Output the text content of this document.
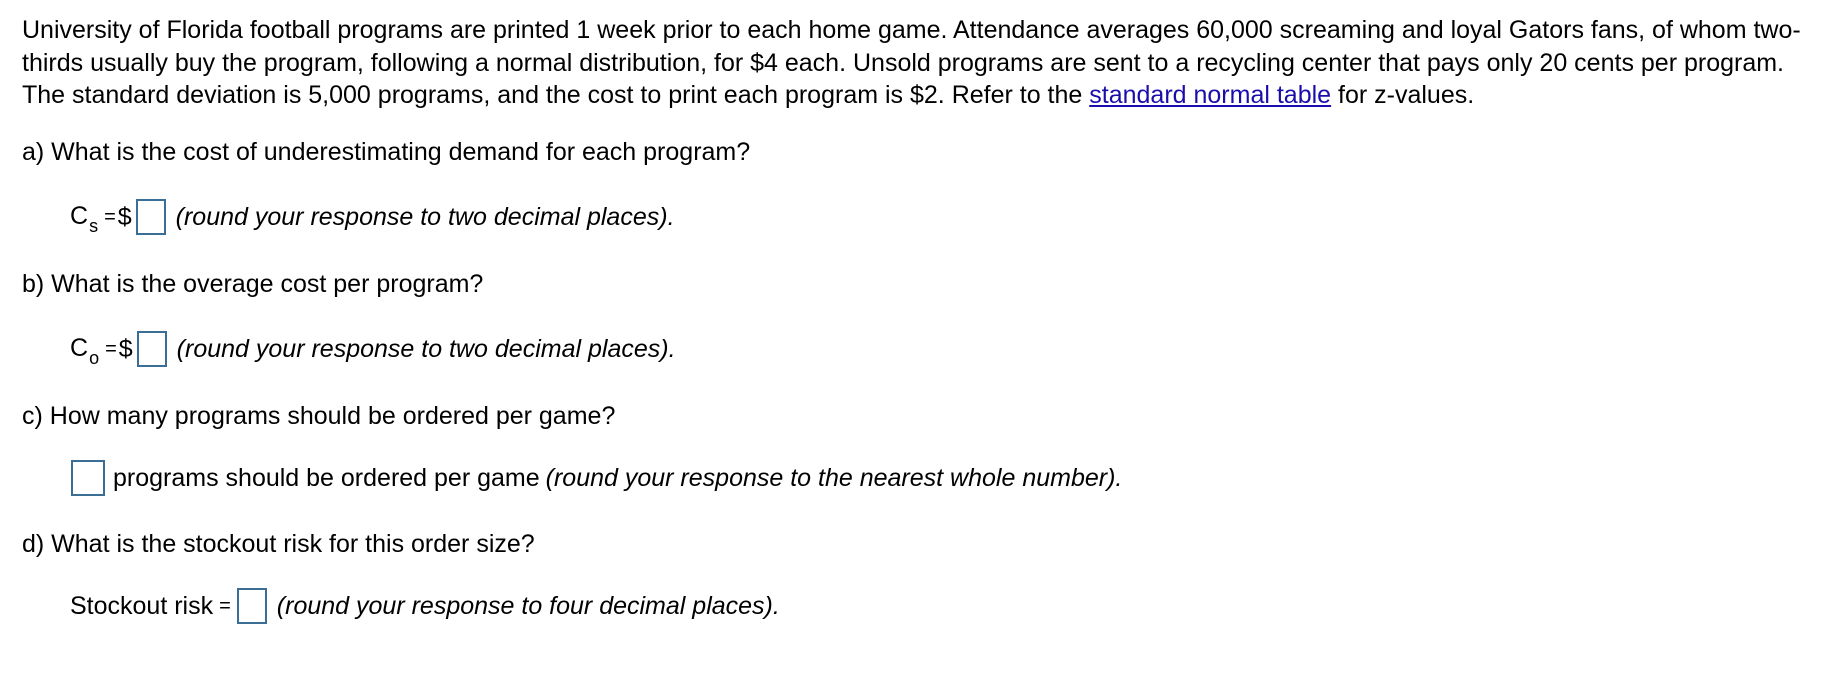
University of Florida football programs are printed 1 week prior to each home game. Attendance averages 60,000 screaming and loyal Gators fans, of whom two-thirds usually buy the program, following a normal distribution, for $4 each. Unsold programs are sent to a recycling center that pays only 20 cents per program. The standard deviation is 5,000 programs, and the cost to print each program is $2. Refer to the standard normal table for z-values.

a) What is the cost of underestimating demand for each program?

C s = $ (round your response to two decimal places).

b) What is the overage cost per program?

C o = $ (round your response to two decimal places).

c) How many programs should be ordered per game?

programs should be ordered per game (round your response to the nearest whole number).

d) What is the stockout risk for this order size?

Stockout risk = (round your response to four decimal places).
